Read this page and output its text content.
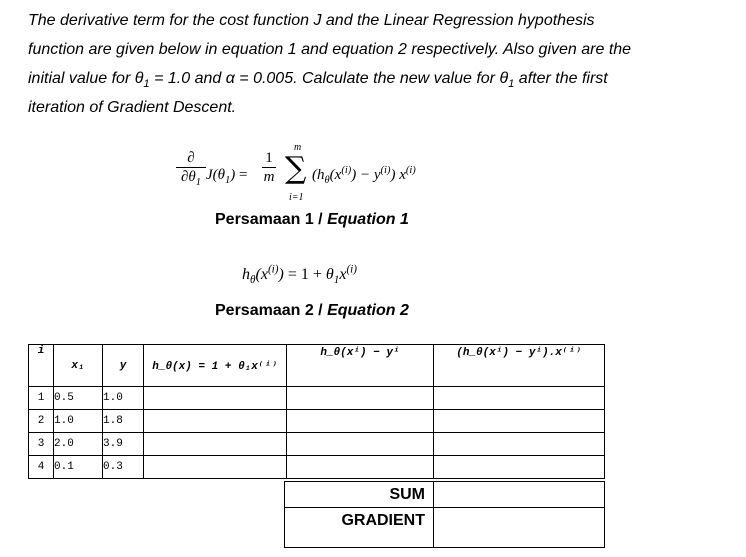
The derivative term for the cost function J and the Linear Regression hypothesis
function are given below in equation 1 and equation 2 respectively. Also given are the
initial value for $\theta_1 = 1.0$ and α = 0.005. Calculate the new value for $\theta_1$ after the first
iteration of Gradient Descent.
∂
$\partial\theta_1$ $J(\theta_1)$ =
1
m
m
∑
i=1
$(h_\theta(x^{(i)}) - y^{(i)})$ $x^{(i)}$
Persamaan 1 / Equation 1
$h_\theta(x^{(i)}) = 1 + \theta_1x^{(i)}$
Persamaan 2 / Equation 2
i	x₁	y	h_θ(x) = 1 + θ₁x⁽ⁱ⁾	h_θ(xⁱ) − yⁱ	(h_θ(xⁱ) − yⁱ).x⁽ⁱ⁾
1	0.5	1.0			
2	1.0	1.8			
3	2.0	3.9			
4	0.1	0.3			
SUM	
GRADIENT	
